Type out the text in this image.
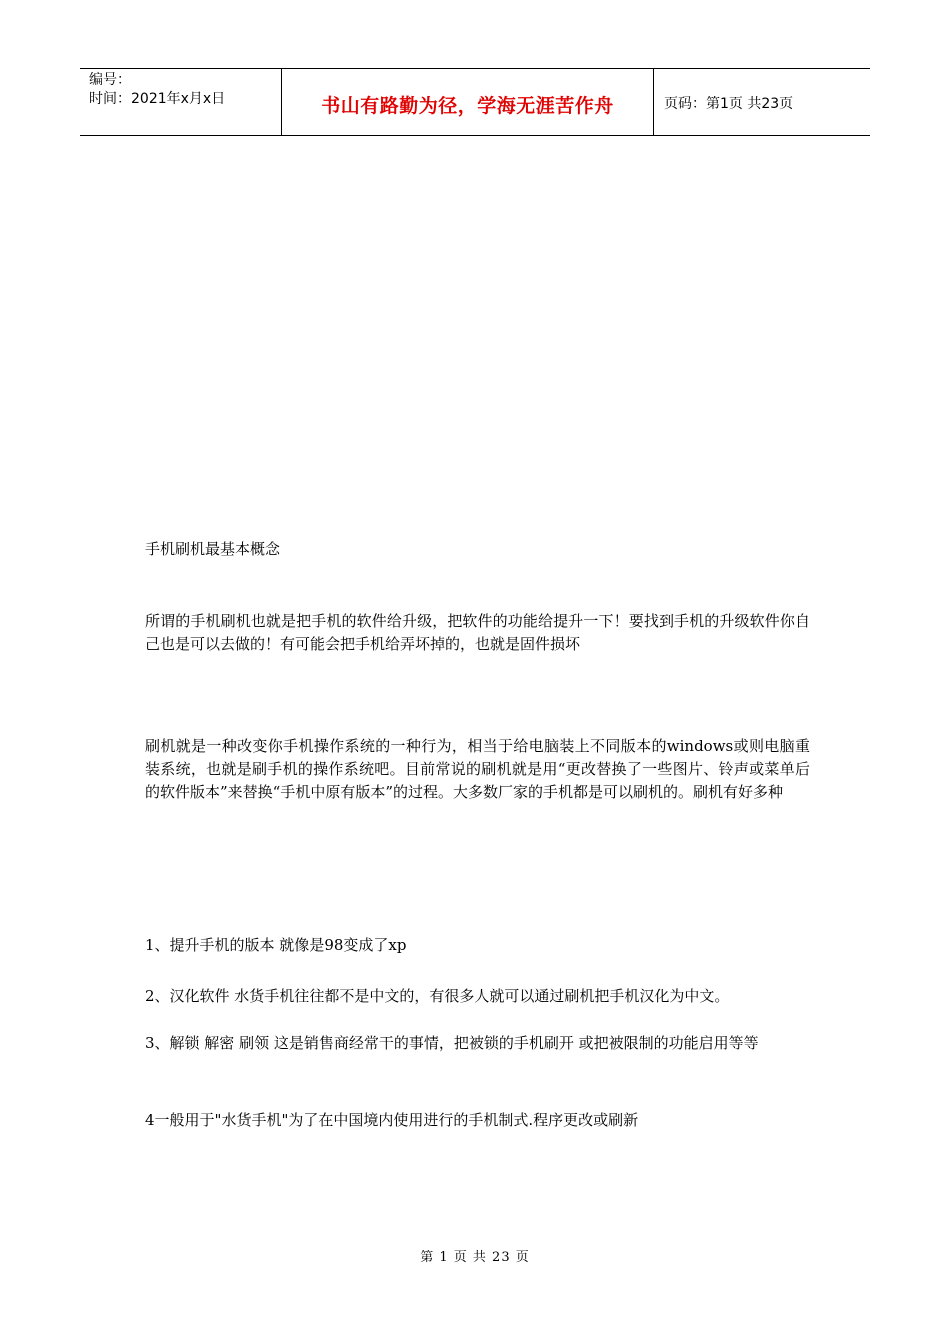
编号：
时间：2021年x月x日	书山有路勤为径，学海无涯苦作舟	页码：第1页 共23页

手机刷机最基本概念

所谓的手机刷机也就是把手机的软件给升级，把软件的功能给提升一下！要找到手机的升级软件你自己也是可以去做的！有可能会把手机给弄坏掉的，也就是固件损坏

刷机就是一种改变你手机操作系统的一种行为，相当于给电脑装上不同版本的windows或则电脑重装系统，也就是刷手机的操作系统吧。目前常说的刷机就是用“更改替换了一些图片、铃声或菜单后的软件版本”来替换“手机中原有版本”的过程。大多数厂家的手机都是可以刷机的。刷机有好多种

1、提升手机的版本 就像是98变成了xp

2、汉化软件 水货手机往往都不是中文的，有很多人就可以通过刷机把手机汉化为中文。

3、解锁 解密 刷领 这是销售商经常干的事情，把被锁的手机刷开 或把被限制的功能启用等等

4一般用于"水货手机"为了在中国境内使用进行的手机制式.程序更改或刷新

第 1 页 共 23 页
